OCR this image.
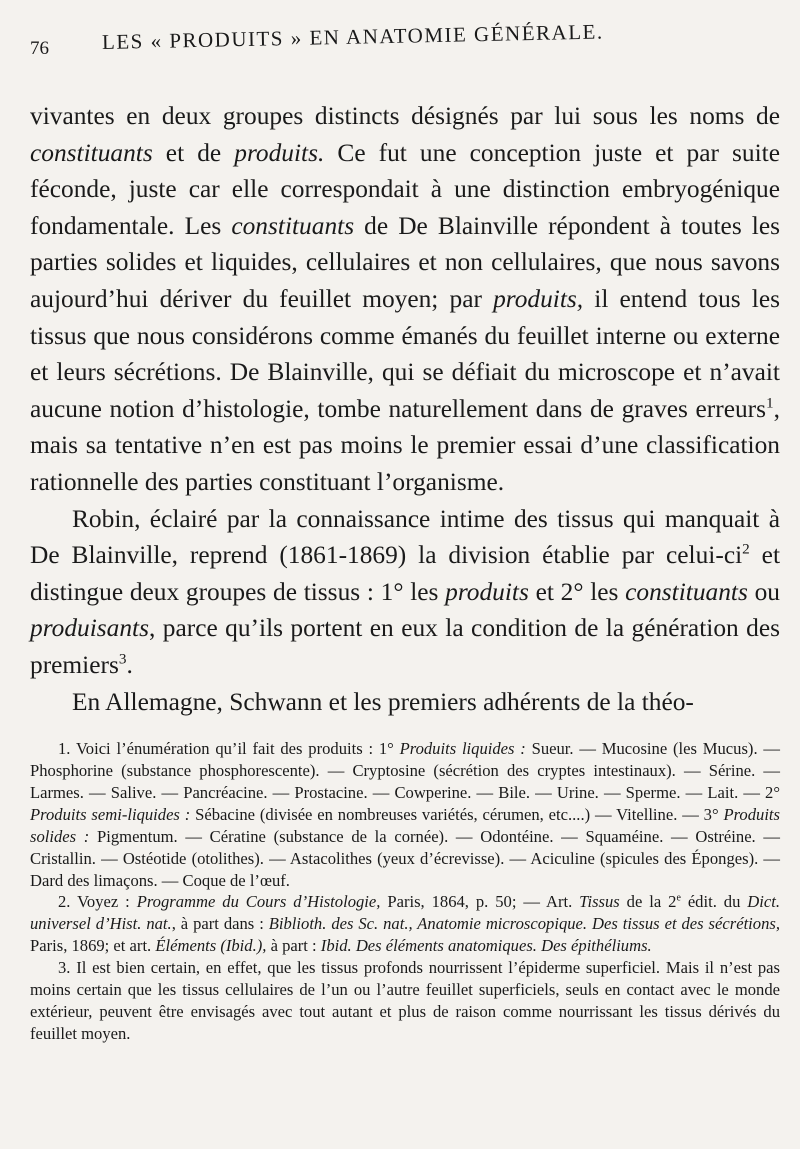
76	LES « PRODUITS » EN ANATOMIE GÉNÉRALE.

vivantes en deux groupes distincts désignés par lui sous les noms de constituants et de produits. Ce fut une conception juste et par suite féconde, juste car elle correspondait à une distinction embryogénique fondamentale. Les constituants de De Blainville répondent à toutes les parties solides et liquides, cellulaires et non cellulaires, que nous savons aujourd’hui dériver du feuillet moyen; par produits, il entend tous les tissus que nous considérons comme émanés du feuillet interne ou externe et leurs sécrétions. De Blainville, qui se défiait du microscope et n’avait aucune notion d’histologie, tombe naturellement dans de graves erreurs$^1$, mais sa tentative n’en est pas moins le premier essai d’une classification rationnelle des parties constituant l’organisme.

Robin, éclairé par la connaissance intime des tissus qui manquait à De Blainville, reprend (1861-1869) la division établie par celui-$ci^2$ et distingue deux groupes de tissus : 1° les produits et 2° les constituants ou produisants, parce qu’ils portent en eux la condition de la génération des premiers$^3$.

En Allemagne, Schwann et les premiers adhérents de la théo-

1. Voici l’énumération qu’il fait des produits : 1° Produits liquides : Sueur. — Mucosine (les Mucus). — Phosphorine (substance phosphorescente). — Cryptosine (sécrétion des cryptes intestinaux). — Sérine. — Larmes. — Salive. — Pancréacine. — Prostacine. — Cowperine. — Bile. — Urine. — Sperme. — Lait. — 2° Produits semi-liquides : Sébacine (divisée en nombreuses variétés, cérumen, etc....) — Vitelline. — 3° Produits solides : Pigmentum. — Cératine (substance de la cornée). — Odontéine. — Squaméine. — Ostréine. — Cristallin. — Ostéotide (otolithes). — Astacolithes (yeux d’écrevisse). — Aciculine (spicules des Éponges). — Dard des limaçons. — Coque de l’œuf.

2. Voyez : Programme du Cours d’Histologie, Paris, 1864, p. 50; — Art. Tissus de la 2e édit. du Dict. universel d’Hist. nat., à part dans : Biblioth. des Sc. nat., Anatomie microscopique. Des tissus et des sécrétions, Paris, 1869; et art. Éléments (Ibid.), à part : Ibid. Des éléments anatomiques. Des épithéliums.

3. Il est bien certain, en effet, que les tissus profonds nourrissent l’épiderme superficiel. Mais il n’est pas moins certain que les tissus cellulaires de l’un ou l’autre feuillet superficiels, seuls en contact avec le monde extérieur, peuvent être envisagés avec tout autant et plus de raison comme nourrissant les tissus dérivés du feuillet moyen.
